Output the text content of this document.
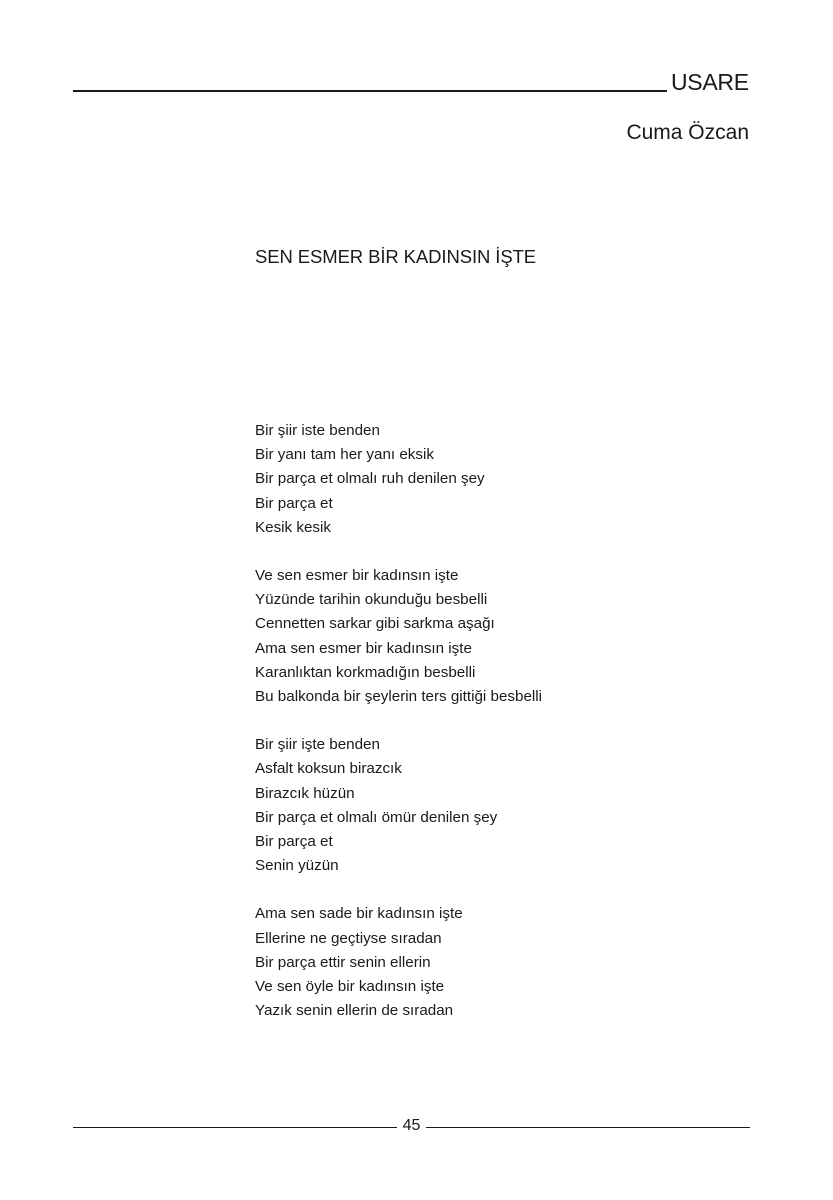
USARE
Cuma Özcan
SEN ESMER BİR KADINSIN İŞTE
Bir şiir iste benden
Bir yanı tam her yanı eksik
Bir parça et olmalı ruh denilen şey
Bir parça et
Kesik kesik
Ve sen esmer bir kadınsın işte
Yüzünde tarihin okunduğu besbelli
Cennetten sarkar gibi sarkma aşağı
Ama sen esmer bir kadınsın işte
Karanlıktan korkmadığın besbelli
Bu balkonda bir şeylerin ters gittiği besbelli
Bir şiir işte benden
Asfalt koksun birazcık
Birazcık hüzün
Bir parça et olmalı ömür denilen şey
Bir parça et
Senin yüzün
Ama sen sade bir kadınsın işte
Ellerine ne geçtiyse sıradan
Bir parça ettir senin ellerin
Ve sen öyle bir kadınsın işte
Yazık senin ellerin de sıradan
45
